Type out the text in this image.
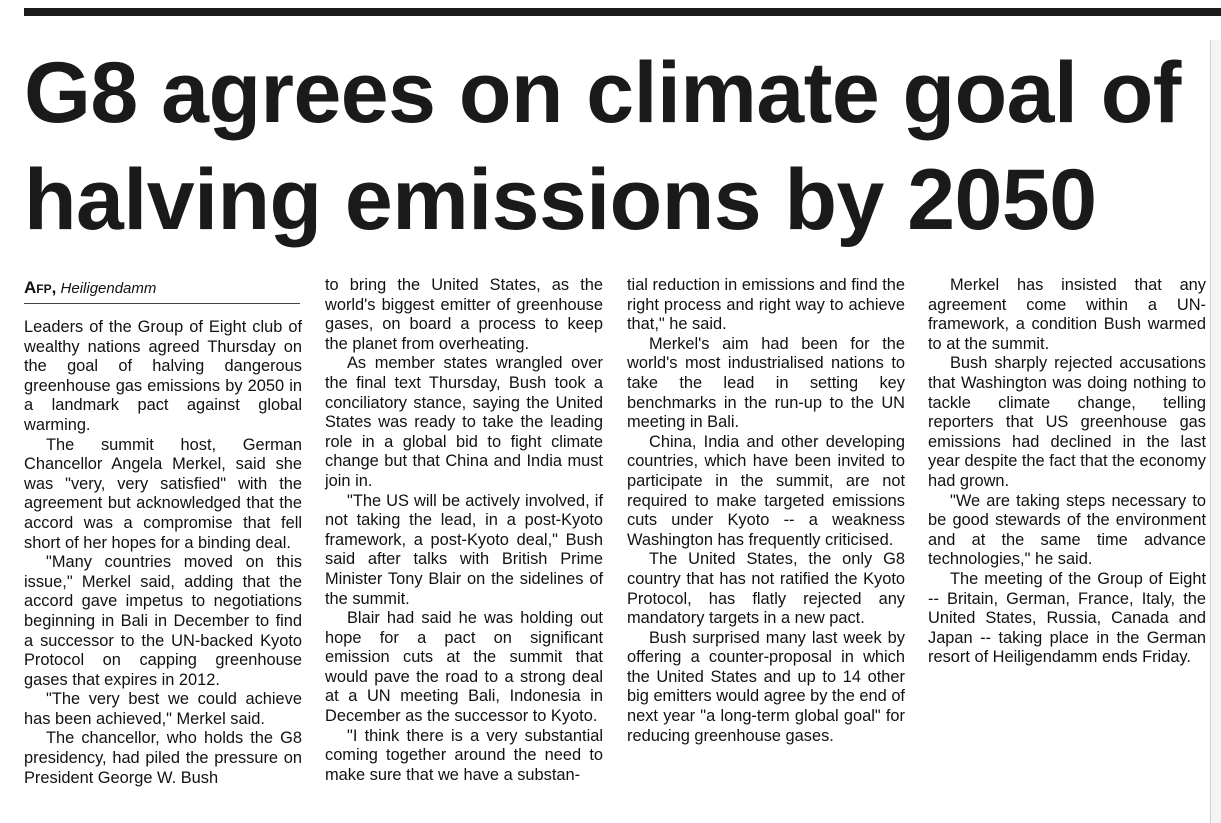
G8 agrees on climate goal of
halving emissions by 2050
Afp, Heiligendamm

Leaders of the Group of Eight club of wealthy nations agreed Thursday on the goal of halving dangerous greenhouse gas emissions by 2050 in a landmark pact against global warming.

The summit host, German Chancellor Angela Merkel, said she was "very, very satisfied" with the agreement but acknowledged that the accord was a compromise that fell short of her hopes for a binding deal.

"Many countries moved on this issue," Merkel said, adding that the accord gave impetus to negotiations beginning in Bali in December to find a successor to the UN-backed Kyoto Protocol on capping greenhouse gases that expires in 2012.

"The very best we could achieve has been achieved," Merkel said.

The chancellor, who holds the G8 presidency, had piled the pressure on President George W. Bush

to bring the United States, as the world's biggest emitter of greenhouse gases, on board a process to keep the planet from overheating.

As member states wrangled over the final text Thursday, Bush took a conciliatory stance, saying the United States was ready to take the leading role in a global bid to fight climate change but that China and India must join in.

"The US will be actively involved, if not taking the lead, in a post-Kyoto framework, a post-Kyoto deal," Bush said after talks with British Prime Minister Tony Blair on the sidelines of the summit.

Blair had said he was holding out hope for a pact on significant emission cuts at the summit that would pave the road to a strong deal at a UN meeting Bali, Indonesia in December as the successor to Kyoto.

"I think there is a very substantial coming together around the need to make sure that we have a substan-

tial reduction in emissions and find the right process and right way to achieve that," he said.

Merkel's aim had been for the world's most industrialised nations to take the lead in setting key benchmarks in the run-up to the UN meeting in Bali.

China, India and other developing countries, which have been invited to participate in the summit, are not required to make targeted emissions cuts under Kyoto -- a weakness Washington has frequently criticised.

The United States, the only G8 country that has not ratified the Kyoto Protocol, has flatly rejected any mandatory targets in a new pact.

Bush surprised many last week by offering a counter-proposal in which the United States and up to 14 other big emitters would agree by the end of next year "a long-term global goal" for reducing greenhouse gases.

Merkel has insisted that any agreement come within a UN-framework, a condition Bush warmed to at the summit.

Bush sharply rejected accusations that Washington was doing nothing to tackle climate change, telling reporters that US greenhouse gas emissions had declined in the last year despite the fact that the economy had grown.

"We are taking steps necessary to be good stewards of the environment and at the same time advance technologies," he said.

The meeting of the Group of Eight -- Britain, German, France, Italy, the United States, Russia, Canada and Japan -- taking place in the German resort of Heiligendamm ends Friday.
